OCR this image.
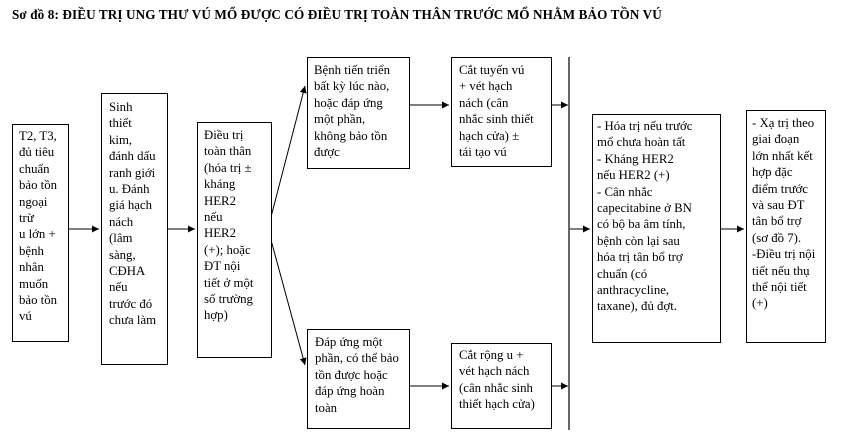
Sơ đồ 8: ĐIỀU TRỊ UNG THƯ VÚ MỔ ĐƯỢC CÓ ĐIỀU TRỊ TOÀN THÂN TRƯỚC MỔ NHẰM BẢO TỒN VÚ
T2, T3,
đủ tiêu
chuẩn
bảo tồn
ngoại trừ
u lớn +
bệnh
nhân
muốn
bảo tồn
vú
Sinh
thiết
kim,
đánh dấu
ranh giới
u. Đánh
giá hạch
nách
(lâm
sàng,
CĐHA
nếu
trước đó
chưa làm
Điều trị
toàn thân
(hóa trị ±
kháng
HER2
nếu
HER2
(+); hoặc
ĐT nội
tiết ở một
số trường
hợp)
Bệnh tiến triển
bất kỳ lúc nào,
hoặc đáp ứng
một phần,
không bảo tồn
được
Cắt tuyến vú
+ vét hạch
nách (cân
nhắc sinh thiết
hạch cửa) ±
tái tạo vú
Đáp ứng một
phần, có thể bảo
tồn được hoặc
đáp ứng hoàn
toàn
Cắt rộng u +
vét hạch nách
(cân nhắc sinh
thiết hạch cửa)
- Hóa trị nếu trước
mổ chưa hoàn tất
- Kháng HER2
nếu HER2 (+)
- Cân nhắc
capecitabine ở BN
có bộ ba âm tính,
bệnh còn lại sau
hóa trị tân bổ trợ
chuẩn (có
anthracycline,
taxane), đủ đợt.
- Xạ trị theo
giai đoạn
lớn nhất kết
hợp đặc
điểm trước
và sau ĐT
tân bổ trợ
(sơ đồ 7).
-Điều trị nội
tiết nếu thụ
thể nội tiết
(+)
